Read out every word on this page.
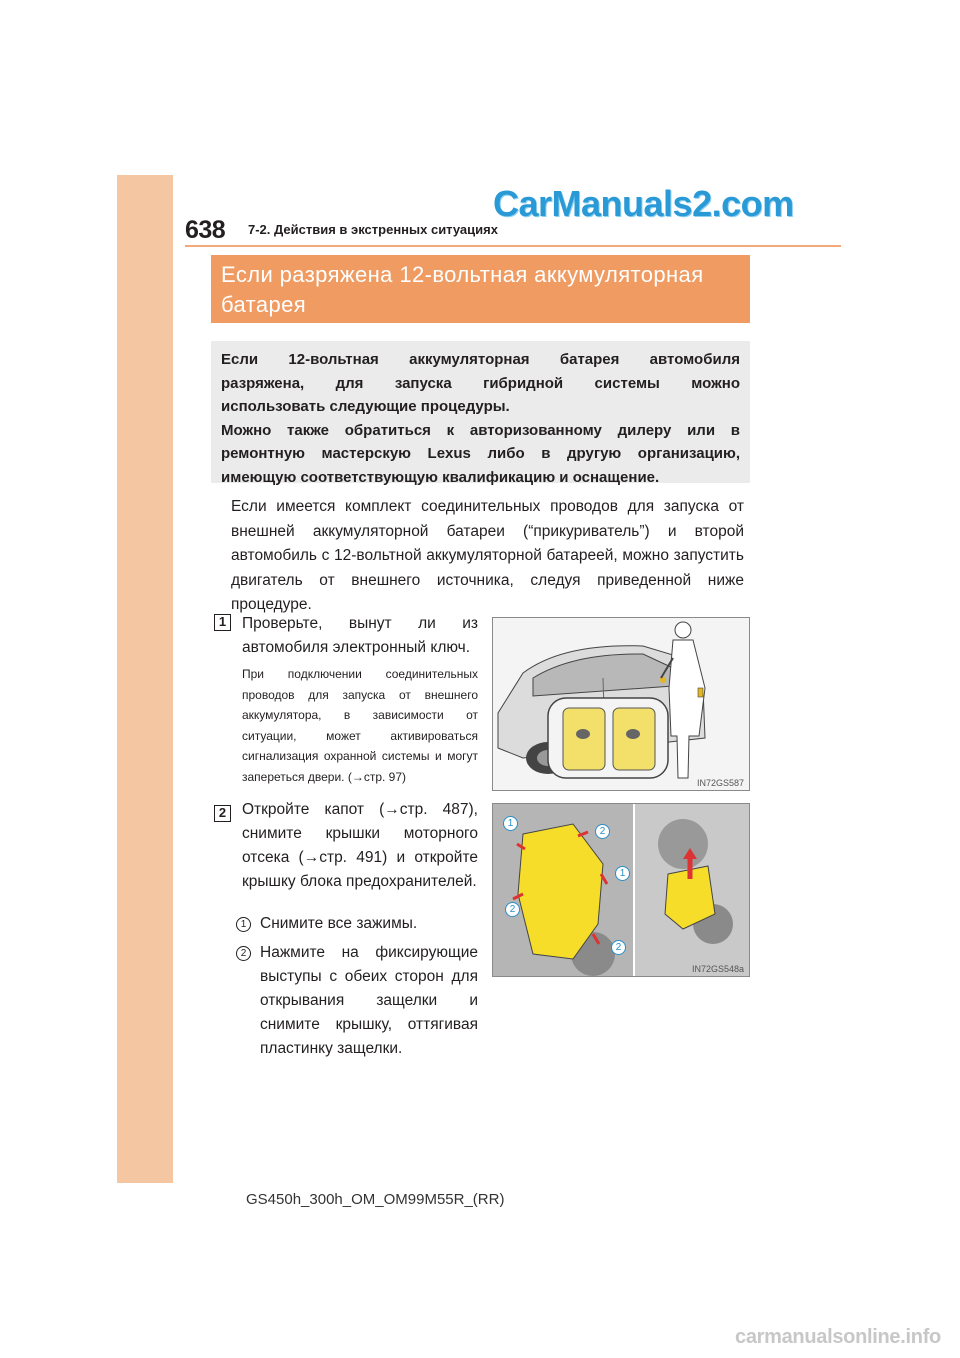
638 7-2. Действия в экстренных ситуациях
CarManuals2.com
Если разряжена 12-вольтная аккумуляторная
батарея
Если 12-вольтная аккумуляторная батарея автомобиля
разряжена, для запуска гибридной системы можно
использовать следующие процедуры.
Можно также обратиться к авторизованному дилеру или в
ремонтную мастерскую Lexus либо в другую организацию,
имеющую соответствующую квалификацию и оснащение.
Если имеется комплект соединительных проводов для запуска от внешней аккумуляторной батареи (“прикуриватель”) и второй автомобиль с 12-вольтной аккумуляторной батареей, можно запустить двигатель от внешнего источника, следуя приведенной ниже процедуре.
1	Проверьте, вынут ли из автомобиля электронный ключ.
При подключении соединительных проводов для запуска от внешнего аккумулятора, в зависимости от ситуации, может активироваться сигнализация охранной системы и могут запереться двери. (→стр. 97)	IN72GS587
2	Откройте капот (→стр. 487), снимите крышки моторного отсека (→стр. 491) и откройте крышку блока предохранителей.
1 Снимите все зажимы.
2 Нажмите на фиксирующие выступы с обеих сторон для открывания защелки и снимите крышку, оттягивая пластинку защелки.
1
2
1
2
2
IN72GS548a
GS450h_300h_OM_OM99M55R_(RR)
carmanualsonline.info
